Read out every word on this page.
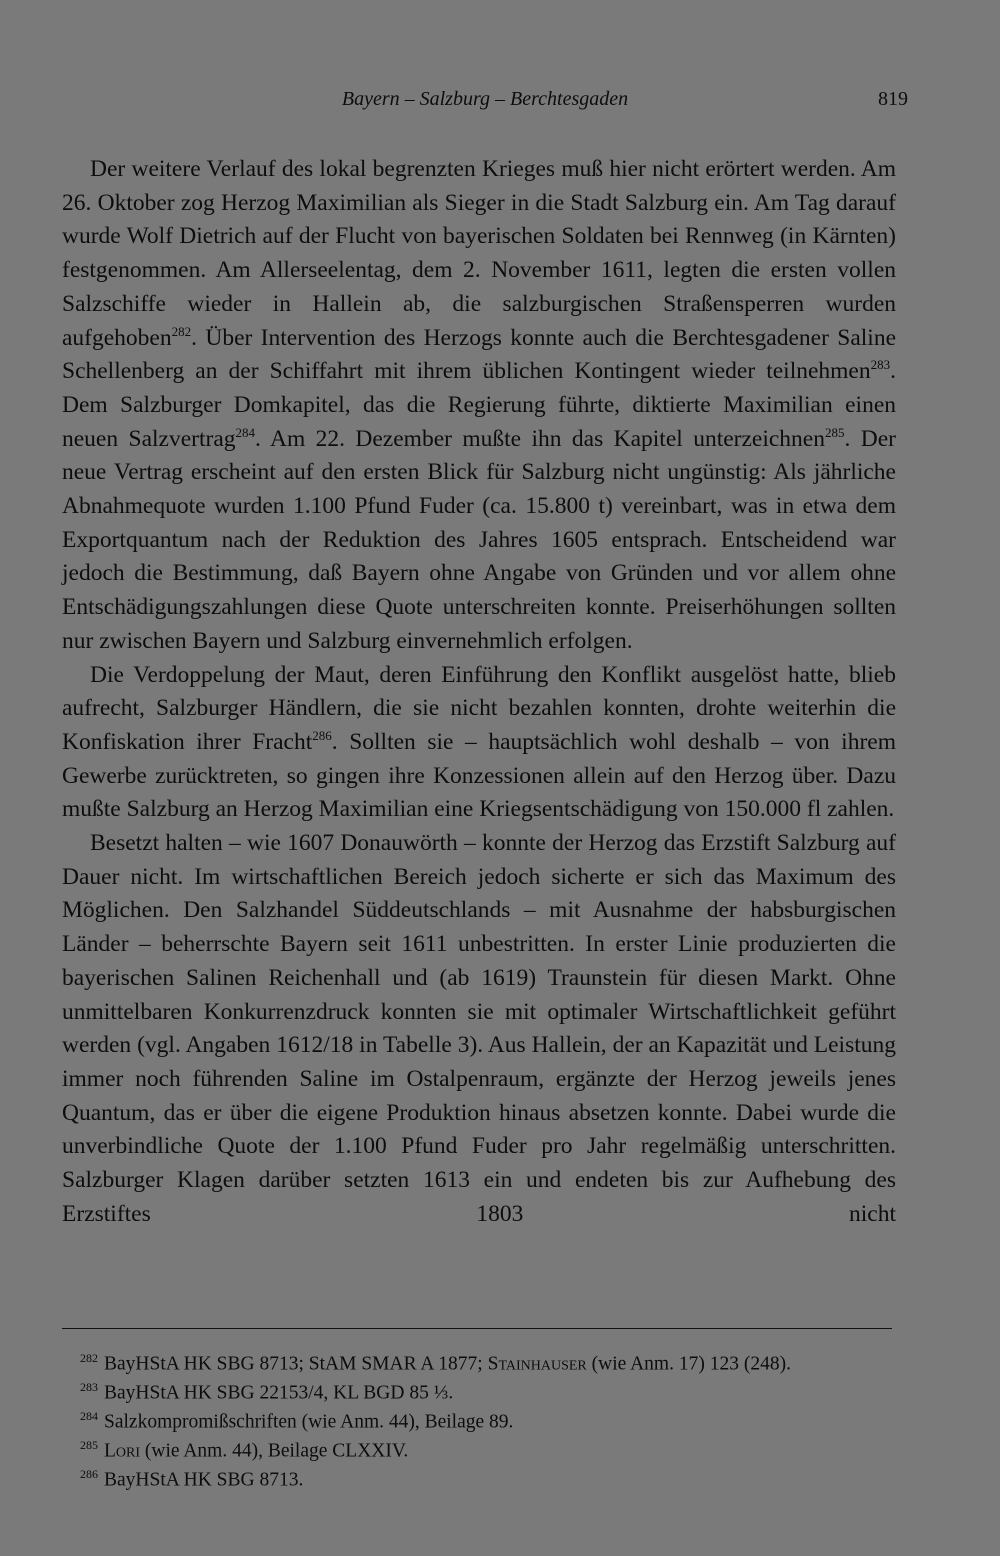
Bayern – Salzburg – Berchtesgaden	819

Der weitere Verlauf des lokal begrenzten Krieges muß hier nicht erörtert werden. Am 26. Oktober zog Herzog Maximilian als Sieger in die Stadt Salzburg ein. Am Tag darauf wurde Wolf Dietrich auf der Flucht von bayerischen Soldaten bei Rennweg (in Kärnten) festgenommen. Am Allerseelentag, dem 2. November 1611, legten die ersten vollen Salzschiffe wieder in Hallein ab, die salzburgischen Straßensperren wurden aufgehoben$^{282}$. Über Intervention des Herzogs konnte auch die Berchtesgadener Saline Schellenberg an der Schiffahrt mit ihrem üblichen Kontingent wieder teilnehmen$^{283}$. Dem Salzburger Domkapitel, das die Regierung führte, diktierte Maximilian einen neuen Salzvertrag$^{284}$. Am 22. Dezember mußte ihn das Kapitel unterzeichnen$^{285}$. Der neue Vertrag erscheint auf den ersten Blick für Salzburg nicht ungünstig: Als jährliche Abnahmequote wurden 1.100 Pfund Fuder (ca. 15.800 t) vereinbart, was in etwa dem Exportquantum nach der Reduktion des Jahres 1605 entsprach. Entscheidend war jedoch die Bestimmung, daß Bayern ohne Angabe von Gründen und vor allem ohne Entschädigungszahlungen diese Quote unterschreiten konnte. Preiserhöhungen sollten nur zwischen Bayern und Salzburg einvernehmlich erfolgen.

Die Verdoppelung der Maut, deren Einführung den Konflikt ausgelöst hatte, blieb aufrecht, Salzburger Händlern, die sie nicht bezahlen konnten, drohte weiterhin die Konfiskation ihrer Fracht$^{286}$. Sollten sie – hauptsächlich wohl deshalb – von ihrem Gewerbe zurücktreten, so gingen ihre Konzessionen allein auf den Herzog über. Dazu mußte Salzburg an Herzog Maximilian eine Kriegsentschädigung von 150.000 fl zahlen.

Besetzt halten – wie 1607 Donauwörth – konnte der Herzog das Erzstift Salzburg auf Dauer nicht. Im wirtschaftlichen Bereich jedoch sicherte er sich das Maximum des Möglichen. Den Salzhandel Süddeutschlands – mit Ausnahme der habsburgischen Länder – beherrschte Bayern seit 1611 unbestritten. In erster Linie produzierten die bayerischen Salinen Reichenhall und (ab 1619) Traunstein für diesen Markt. Ohne unmittelbaren Konkurrenzdruck konnten sie mit optimaler Wirtschaftlichkeit geführt werden (vgl. Angaben 1612/18 in Tabelle 3). Aus Hallein, der an Kapazität und Leistung immer noch führenden Saline im Ostalpenraum, ergänzte der Herzog jeweils jenes Quantum, das er über die eigene Produktion hinaus absetzen konnte. Dabei wurde die unverbindliche Quote der 1.100 Pfund Fuder pro Jahr regelmäßig unterschritten. Salzburger Klagen darüber setzten 1613 ein und endeten bis zur Aufhebung des Erzstiftes 1803 nicht

$^{282}$ BayHStA HK SBG 8713; StAM SMAR A 1877; Stainhauser (wie Anm. 17) 123 (248).

$^{283}$ BayHStA HK SBG 22153/4, KL BGD 85 ⅓.

$^{284}$ Salzkompromißschriften (wie Anm. 44), Beilage 89.

$^{285}$ Lori (wie Anm. 44), Beilage CLXXIV.

$^{286}$ BayHStA HK SBG 8713.
